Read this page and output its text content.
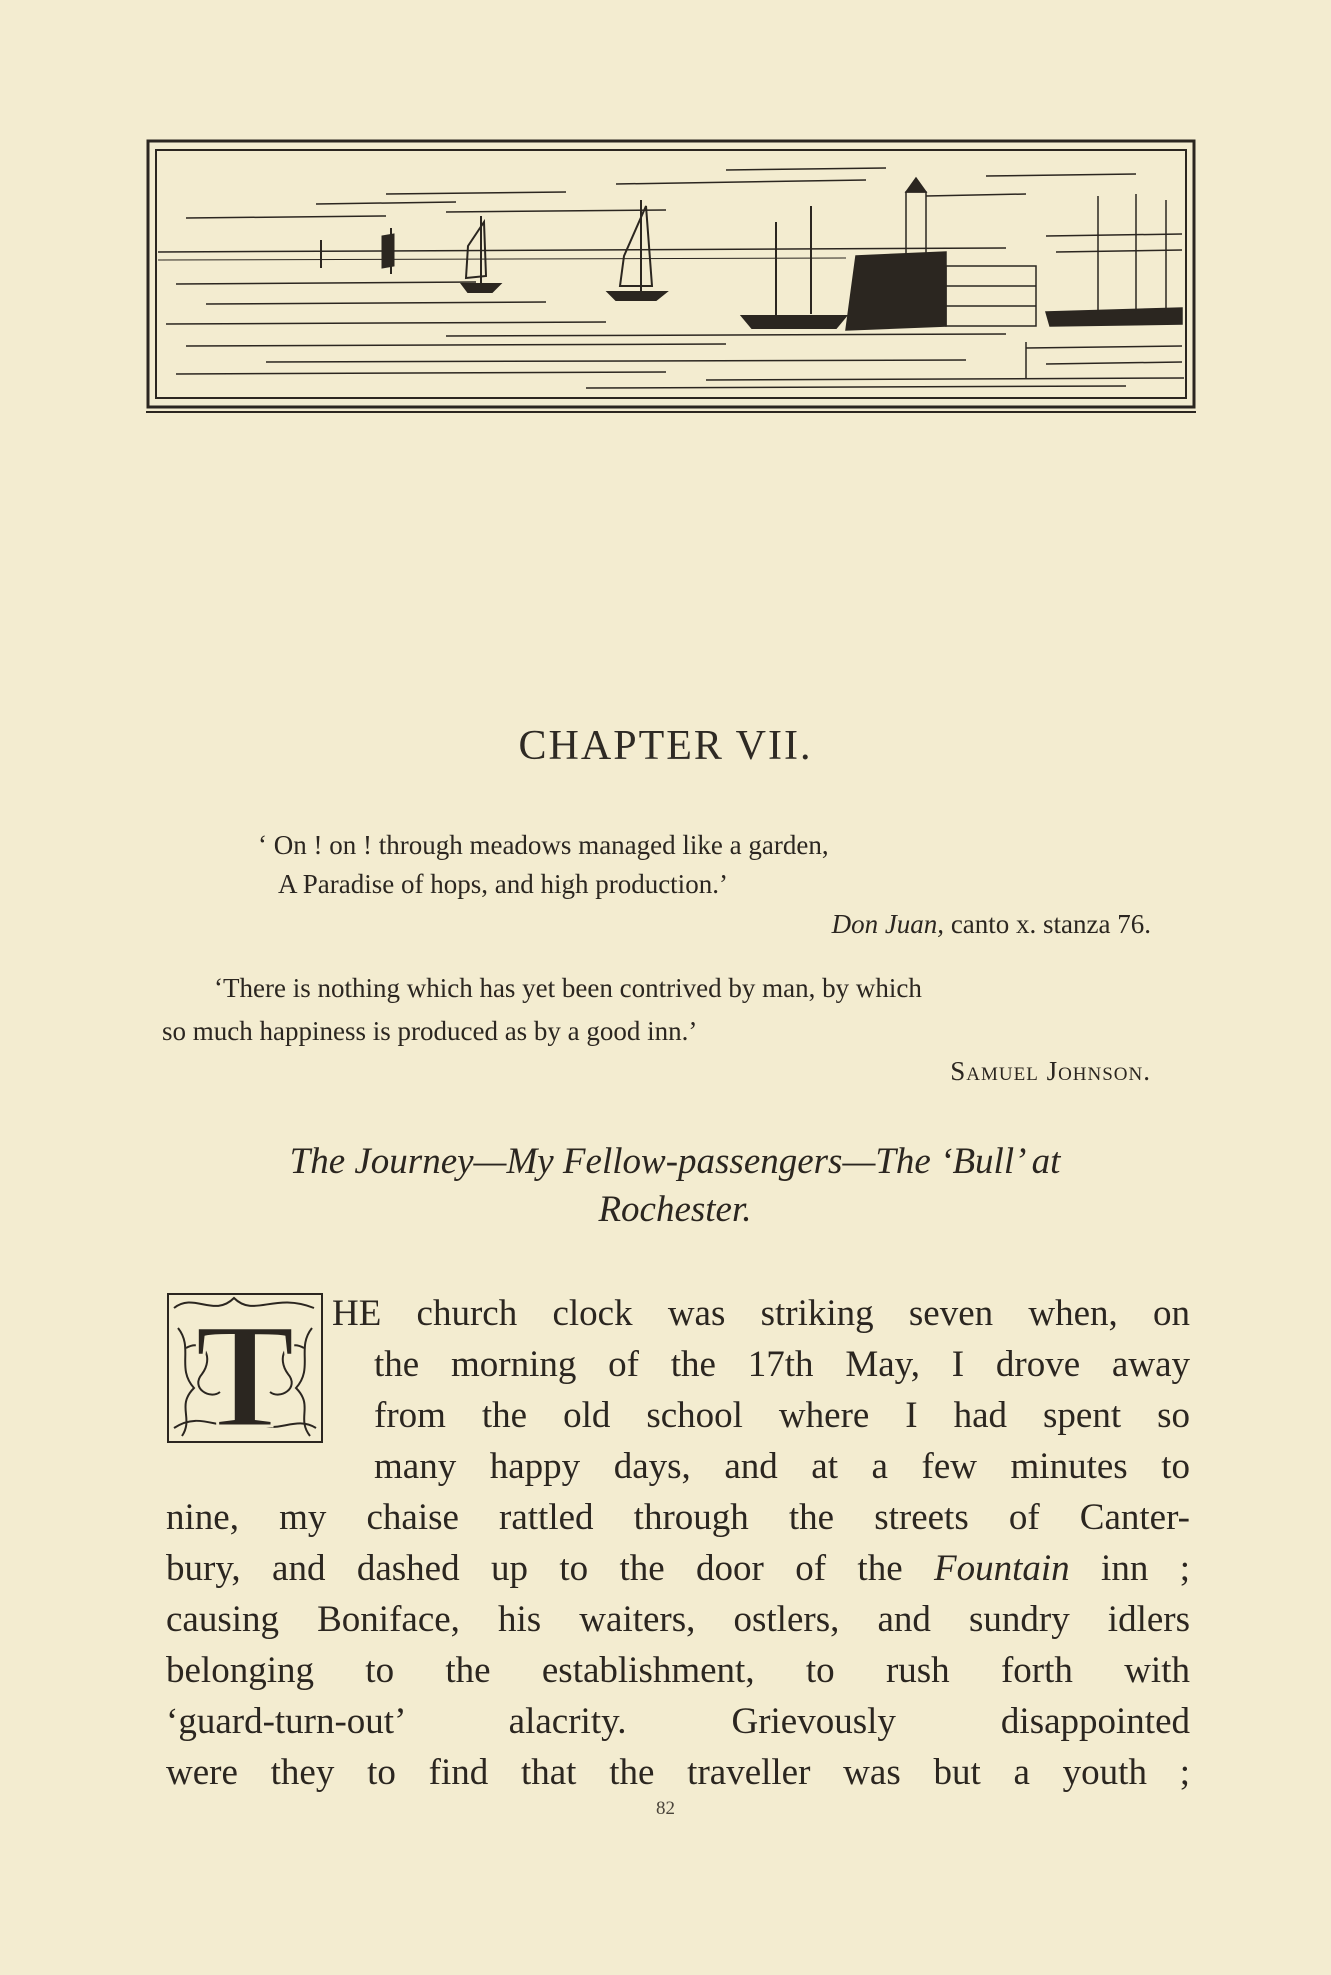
CHAPTER VII.
‘ On ! on ! through meadows managed like a garden,
A Paradise of hops, and high production.’
Don Juan, canto x. stanza 76.
‘There is nothing which has yet been contrived by man, by which
so much happiness is produced as by a good inn.’
Samuel Johnson.
The Journey—My Fellow-passengers—The ‘Bull’ at
Rochester.
T HE church clock was striking seven when, on
the morning of the 17th May, I drove away
from the old school where I had spent so
many happy days, and at a few minutes to
nine, my chaise rattled through the streets of Canter-
bury, and dashed up to the door of the Fountain inn ;
causing Boniface, his waiters, ostlers, and sundry idlers
belonging to the establishment, to rush forth with
‘guard-turn-out’ alacrity. Grievously disappointed
were they to find that the traveller was but a youth ;
82
